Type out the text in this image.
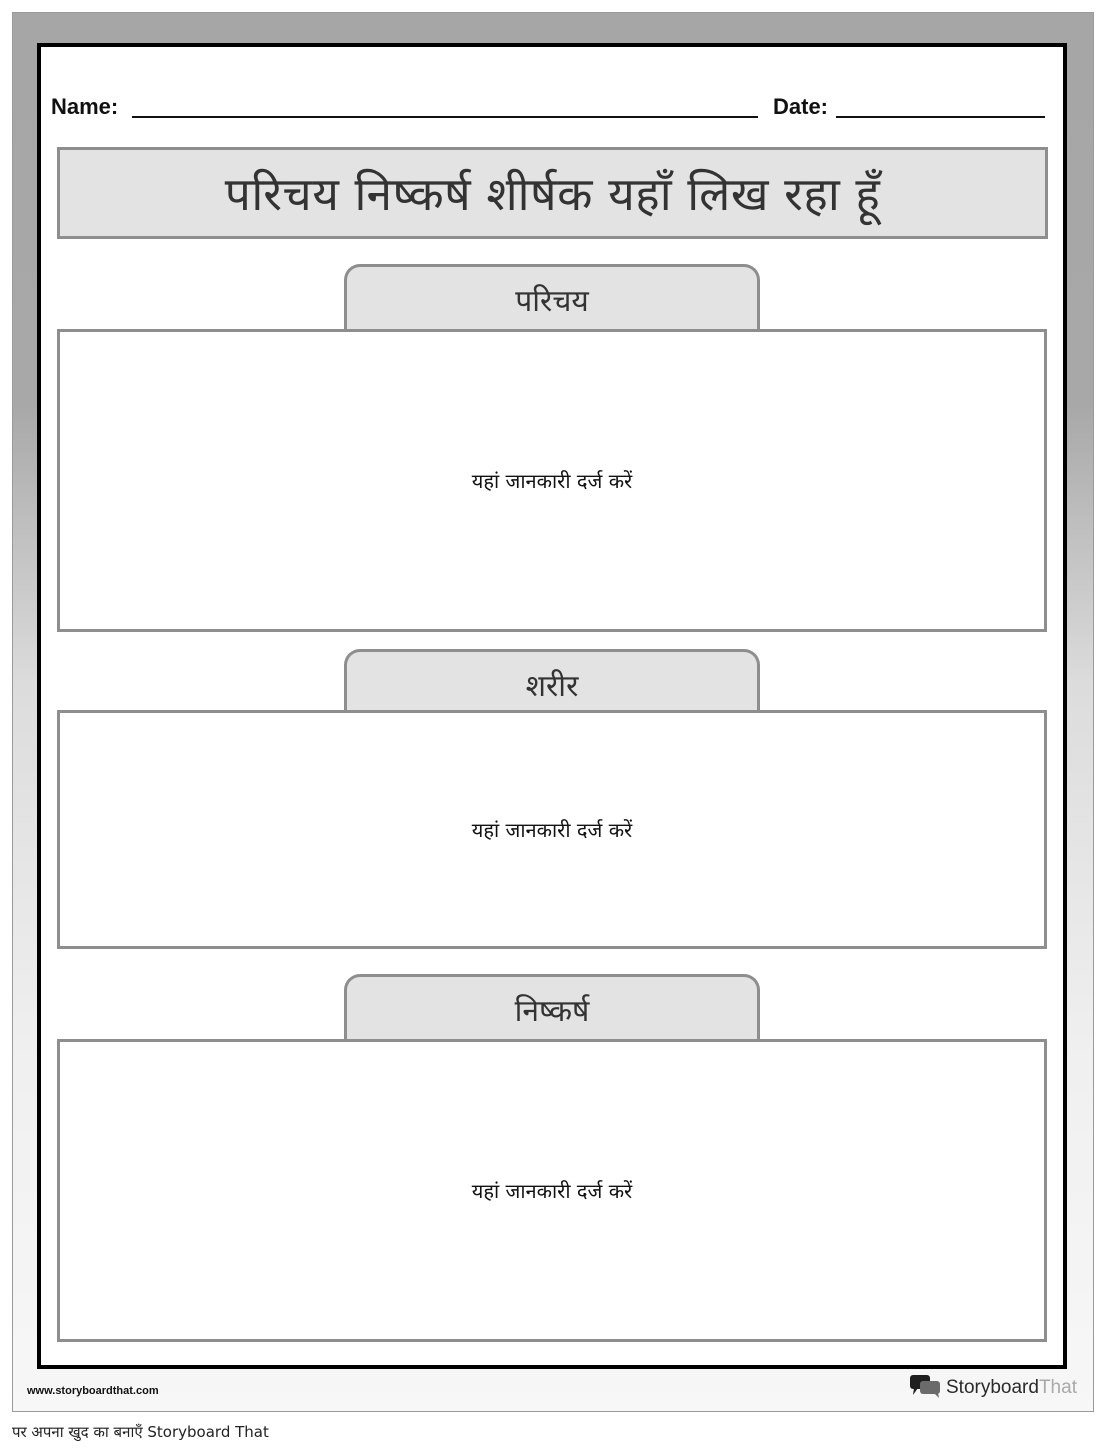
Name:	Date:
परिचय निष्कर्ष शीर्षक यहाँ लिख रहा हूँ
परिचय
यहां जानकारी दर्ज करें
शरीर
यहां जानकारी दर्ज करें
निष्कर्ष
यहां जानकारी दर्ज करें
www.storyboardthat.com	Storyboard That
पर अपना खुद का बनाएँ Storyboard That
